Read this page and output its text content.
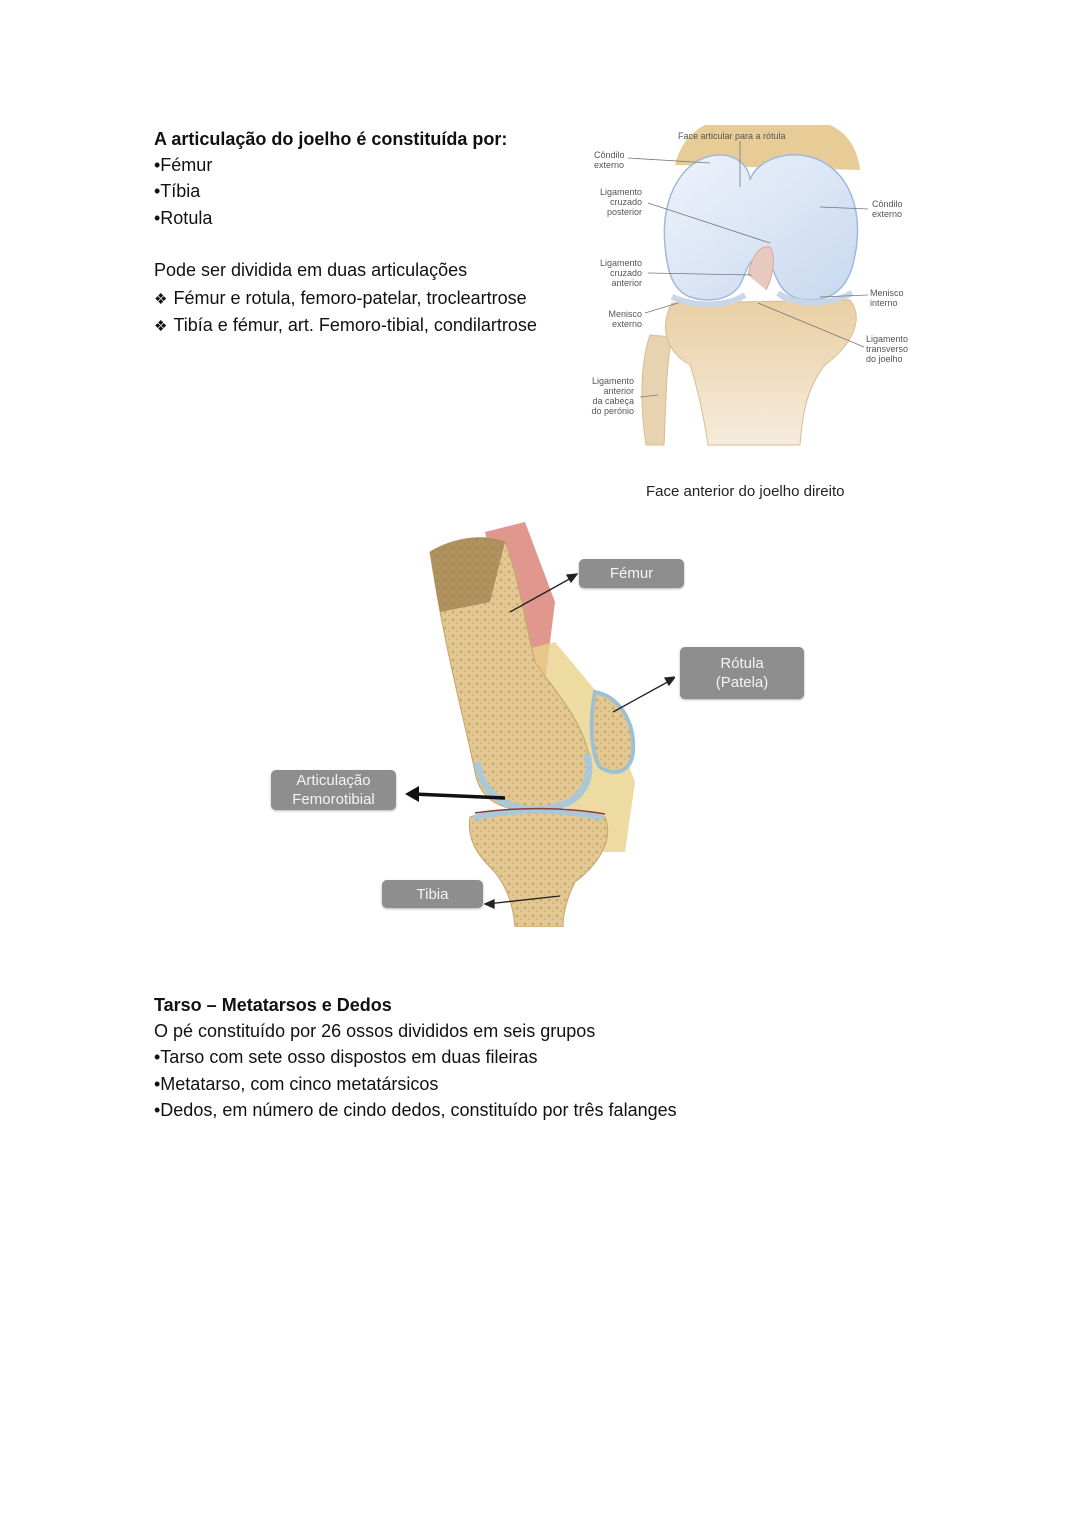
A articulação do joelho é constituída por:
•Fémur
•Tíbia
•Rotula
Pode ser dividida em duas articulações
❖ Fémur e rotula, femoro-patelar, trocleartrose
❖ Tibía e fémur, art. Femoro-tibial, condilartrose
Face articular para a rótula
Côndilo
externo
Ligamento
cruzado
posterior
Côndilo
externo
Ligamento
cruzado
anterior
Menisco
interno
Menisco
externo
Ligamento
transverso
do joelho
Ligamento
anterior
da cabeça
do perónio
Face anterior do joelho direito
Fémur
Rótula
(Patela)
Articulação
Femorotibial
Tibia
Tarso – Metatarsos e Dedos
O pé constituído por 26 ossos divididos em seis grupos
•Tarso com sete osso dispostos em duas fileiras
•Metatarso, com cinco metatársicos
•Dedos, em número de cindo dedos, constituído por três falanges
